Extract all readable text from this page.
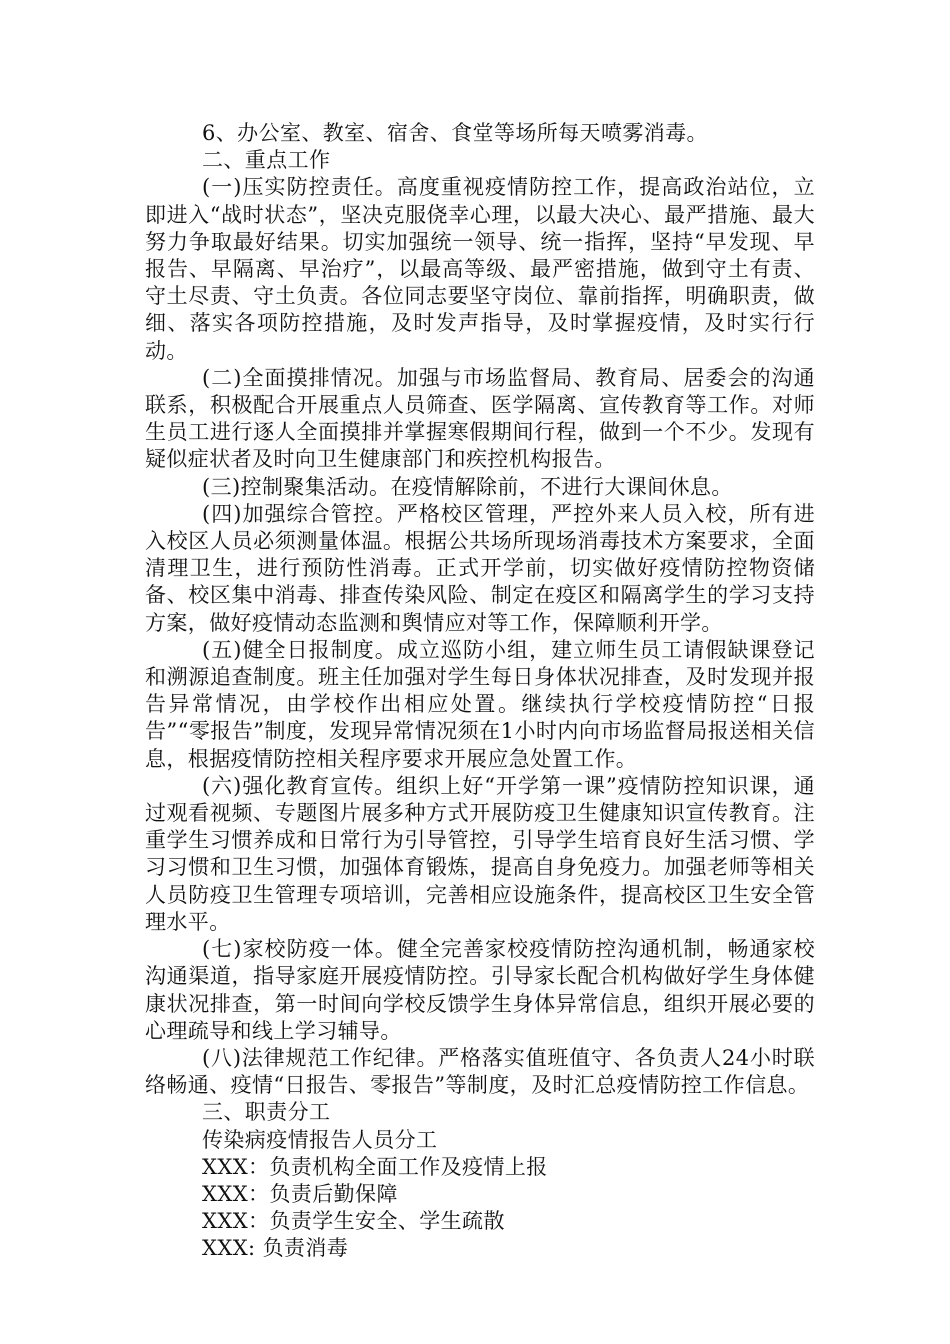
6、办公室、教室、宿舍、食堂等场所每天喷雾消毒。

二、重点工作

(一)压实防控责任。高度重视疫情防控工作，提高政治站位，立即进入“战时状态”，坚决克服侥幸心理，以最大决心、最严措施、最大努力争取最好结果。切实加强统一领导、统一指挥，坚持“早发现、早报告、早隔离、早治疗”，以最高等级、最严密措施，做到守土有责、守土尽责、守土负责。各位同志要坚守岗位、靠前指挥，明确职责，做细、落实各项防控措施，及时发声指导，及时掌握疫情，及时实行行动。

(二)全面摸排情况。加强与市场监督局、教育局、居委会的沟通联系，积极配合开展重点人员筛查、医学隔离、宣传教育等工作。对师生员工进行逐人全面摸排并掌握寒假期间行程，做到一个不少。发现有疑似症状者及时向卫生健康部门和疾控机构报告。

(三)控制聚集活动。在疫情解除前，不进行大课间休息。

(四)加强综合管控。严格校区管理，严控外来人员入校，所有进入校区人员必须测量体温。根据公共场所现场消毒技术方案要求，全面清理卫生，进行预防性消毒。正式开学前，切实做好疫情防控物资储备、校区集中消毒、排查传染风险、制定在疫区和隔离学生的学习支持方案，做好疫情动态监测和舆情应对等工作，保障顺利开学。

(五)健全日报制度。成立巡防小组，建立师生员工请假缺课登记和溯源追查制度。班主任加强对学生每日身体状况排查，及时发现并报告异常情况，由学校作出相应处置。继续执行学校疫情防控“日报告”“零报告”制度，发现异常情况须在1小时内向市场监督局报送相关信息，根据疫情防控相关程序要求开展应急处置工作。

(六)强化教育宣传。组织上好“开学第一课”疫情防控知识课，通过观看视频、专题图片展多种方式开展防疫卫生健康知识宣传教育。注重学生习惯养成和日常行为引导管控，引导学生培育良好生活习惯、学习习惯和卫生习惯，加强体育锻炼，提高自身免疫力。加强老师等相关人员防疫卫生管理专项培训，完善相应设施条件，提高校区卫生安全管理水平。

(七)家校防疫一体。健全完善家校疫情防控沟通机制，畅通家校沟通渠道，指导家庭开展疫情防控。引导家长配合机构做好学生身体健康状况排查，第一时间向学校反馈学生身体异常信息，组织开展必要的心理疏导和线上学习辅导。

(八)法律规范工作纪律。严格落实值班值守、各负责人24小时联络畅通、疫情“日报告、零报告”等制度，及时汇总疫情防控工作信息。

三、职责分工

传染病疫情报告人员分工

XXX：负责机构全面工作及疫情上报

XXX：负责后勤保障

XXX：负责学生安全、学生疏散

XXX: 负责消毒
